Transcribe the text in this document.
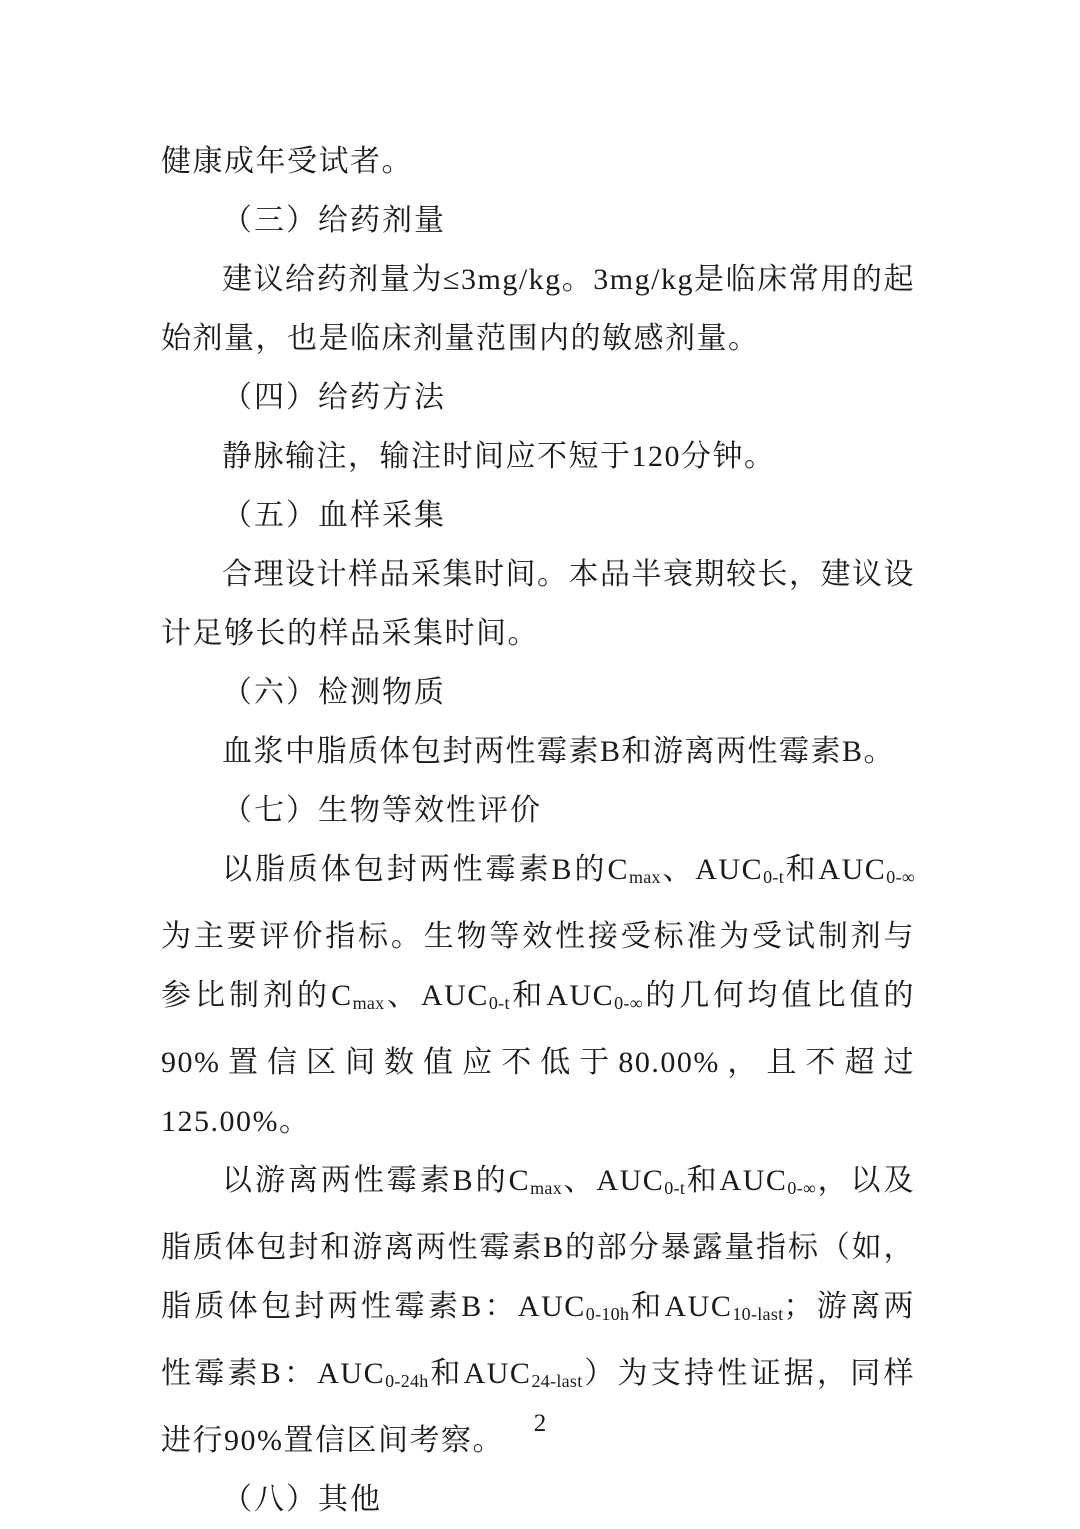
健康成年受试者。

（三）给药剂量

建议给药剂量为≤3mg/kg。3mg/kg是临床常用的起始剂量，也是临床剂量范围内的敏感剂量。

（四）给药方法

静脉输注，输注时间应不短于120分钟。

（五）血样采集

合理设计样品采集时间。本品半衰期较长，建议设计足够长的样品采集时间。

（六）检测物质

血浆中脂质体包封两性霉素B和游离两性霉素B。

（七）生物等效性评价

以脂质体包封两性霉素B的$C_{max}$、$AUC_{0-t}$和$AUC_{0-\infty}$为主要评价指标。生物等效性接受标准为受试制剂与参比制剂的$C_{max}$、$AUC_{0-t}$和$AUC_{0-\infty}$的几何均值比值的90%置信区间数值应不低于80.00%，且不超过125.00%。

以游离两性霉素B的$C_{max}$、$AUC_{0-t}$和$AUC_{0-\infty}$，以及脂质体包封和游离两性霉素B的部分暴露量指标（如，脂质体包封两性霉素B：$AUC_{0-10h}$和$AUC_{10-last}$；游离两性霉素B：$AUC_{0-24h}$和$AUC_{24-last}$）为支持性证据，同样进行90%置信区间考察。

（八）其他

2
